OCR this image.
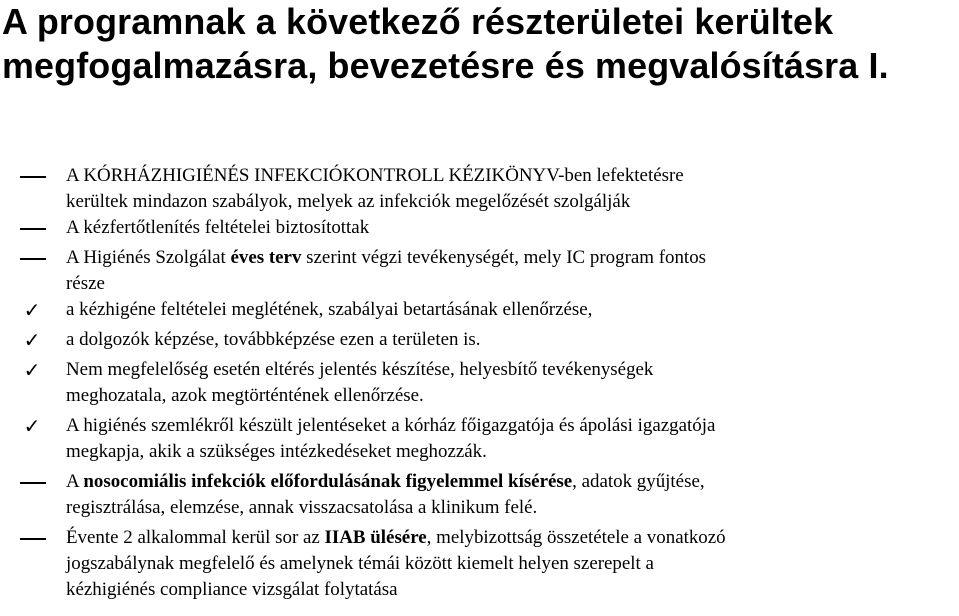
A programnak a következő részterületei kerültek
megfogalmazásra, bevezetésre és megvalósításra I.
A KÓRHÁZHIGIÉNÉS INFEKCIÓKONTROLL KÉZIKÖNYV-ben lefektetésre
kerültek mindazon szabályok, melyek az infekciók megelőzését szolgálják
A kézfertőtlenítés feltételei biztosítottak
A Higiénés Szolgálat éves terv szerint végzi tevékenységét, mely IC program fontos
része
✓	a kézhigéne feltételei meglétének, szabályai betartásának ellenőrzése,
✓	a dolgozók képzése, továbbképzése ezen a területen is.
✓	Nem megfelelőség esetén eltérés jelentés készítése, helyesbítő tevékenységek
meghozatala, azok megtörténtének ellenőrzése.
✓	A higiénés szemlékről készült jelentéseket a kórház főigazgatója és ápolási igazgatója
megkapja, akik a szükséges intézkedéseket meghozzák.
A nosocomiális infekciók előfordulásának figyelemmel kísérése, adatok gyűjtése,
regisztrálása, elemzése, annak visszacsatolása a klinikum felé.
Évente 2 alkalommal kerül sor az IIAB ülésére, melybizottság összetétele a vonatkozó
jogszabálynak megfelelő és amelynek témái között kiemelt helyen szerepelt a
kézhigiénés compliance vizsgálat folytatása
